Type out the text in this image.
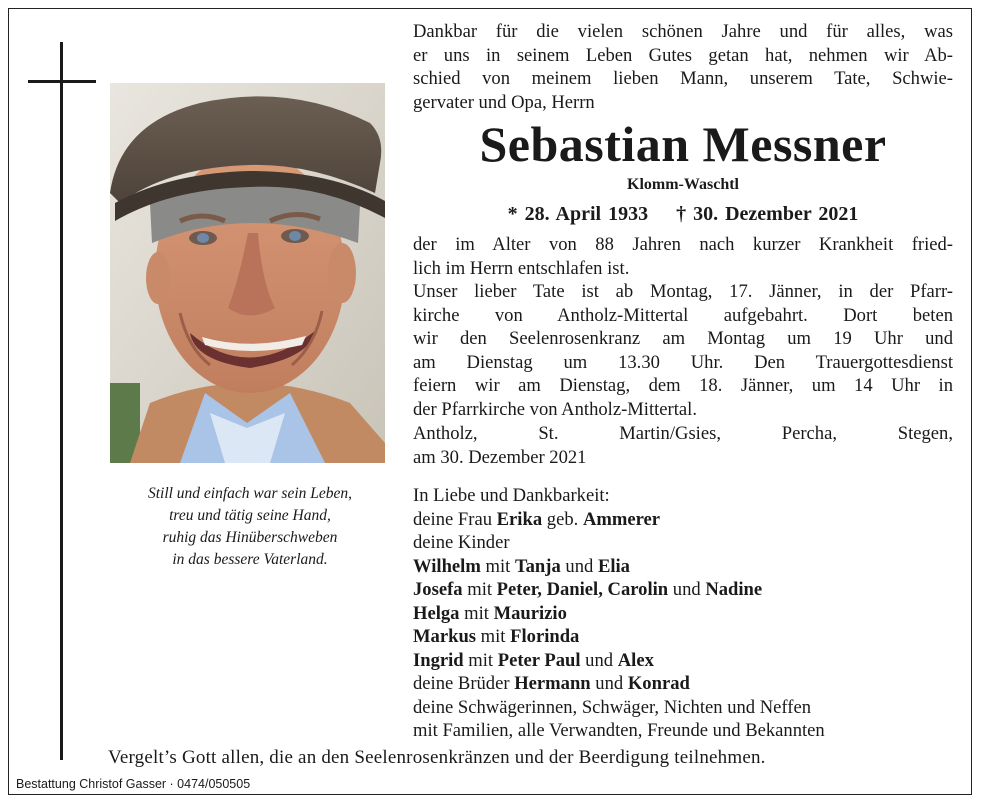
Still und einfach war sein Leben,
treu und tätig seine Hand,
ruhig das Hinüberschweben
in das bessere Vaterland.
Dankbar für die vielen schönen Jahre und für alles, was
er uns in seinem Leben Gutes getan hat, nehmen wir Ab-
schied von meinem lieben Mann, unserem Tate, Schwie-
gervater und Opa, Herrn
Sebastian Messner
Klomm-Waschtl
* 28. April 1933 † 30. Dezember 2021
der im Alter von 88 Jahren nach kurzer Krankheit fried-
lich im Herrn entschlafen ist.
Unser lieber Tate ist ab Montag, 17. Jänner, in der Pfarr-
kirche von Antholz-Mittertal aufgebahrt. Dort beten
wir den Seelenrosenkranz am Montag um 19 Uhr und
am Dienstag um 13.30 Uhr. Den Trauergottesdienst
feiern wir am Dienstag, dem 18. Jänner, um 14 Uhr in
der Pfarrkirche von Antholz-Mittertal.
Antholz, St. Martin/Gsies, Percha, Stegen,
am 30. Dezember 2021
In Liebe und Dankbarkeit:
deine Frau Erika geb. Ammerer
deine Kinder
Wilhelm mit Tanja und Elia
Josefa mit Peter, Daniel, Carolin und Nadine
Helga mit Maurizio
Markus mit Florinda
Ingrid mit Peter Paul und Alex
deine Brüder Hermann und Konrad
deine Schwägerinnen, Schwäger, Nichten und Neffen
mit Familien, alle Verwandten, Freunde und Bekannten
Vergelt’s Gott allen, die an den Seelenrosenkränzen und der Beerdigung teilnehmen.
Bestattung Christof Gasser · 0474/050505
